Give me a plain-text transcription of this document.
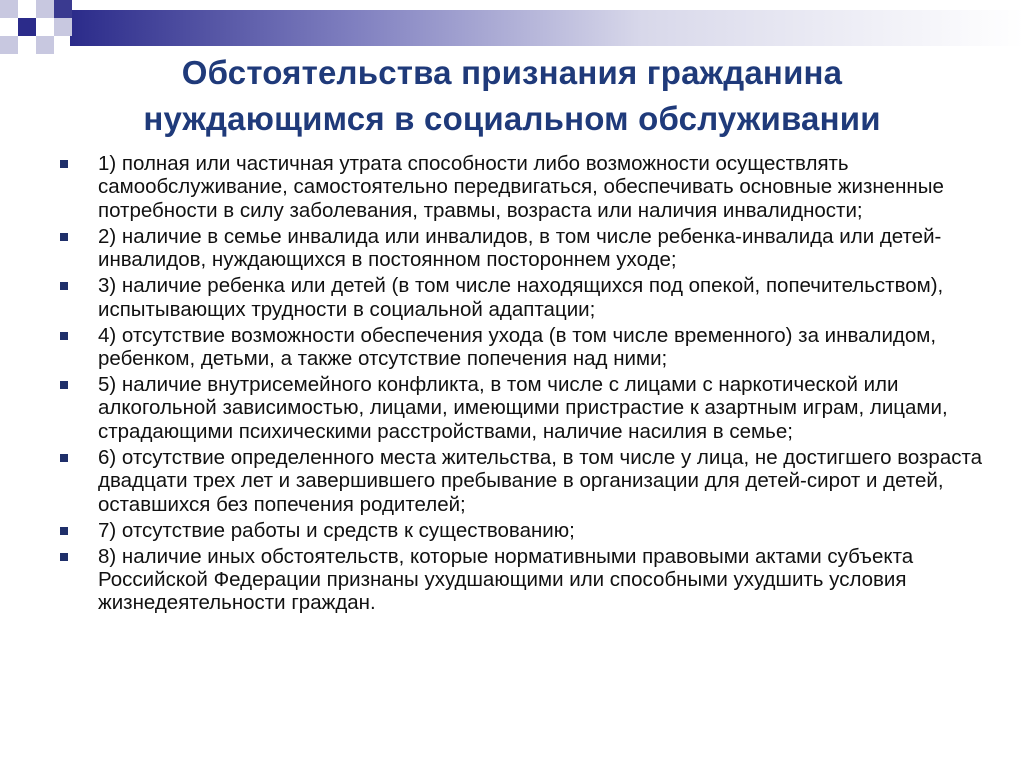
Обстоятельства признания гражданина
нуждающимся в социальном обслуживании
1) полная или частичная утрата способности либо возможности осуществлять самообслуживание, самостоятельно передвигаться, обеспечивать основные жизненные потребности в силу заболевания, травмы, возраста или наличия инвалидности;
2) наличие в семье инвалида или инвалидов, в том числе ребенка-инвалида или детей-инвалидов, нуждающихся в постоянном постороннем уходе;
3) наличие ребенка или детей (в том числе находящихся под опекой, попечительством), испытывающих трудности в социальной адаптации;
4) отсутствие возможности обеспечения ухода (в том числе временного) за инвалидом, ребенком, детьми, а также отсутствие попечения над ними;
5) наличие внутрисемейного конфликта, в том числе с лицами с наркотической или алкогольной зависимостью, лицами, имеющими пристрастие к азартным играм, лицами, страдающими психическими расстройствами, наличие насилия в семье;
6) отсутствие определенного места жительства, в том числе у лица, не достигшего возраста двадцати трех лет и завершившего пребывание в организации для детей-сирот и детей, оставшихся без попечения родителей;
7) отсутствие работы и средств к существованию;
8) наличие иных обстоятельств, которые нормативными правовыми актами субъекта Российской Федерации признаны ухудшающими или способными ухудшить условия жизнедеятельности граждан.
